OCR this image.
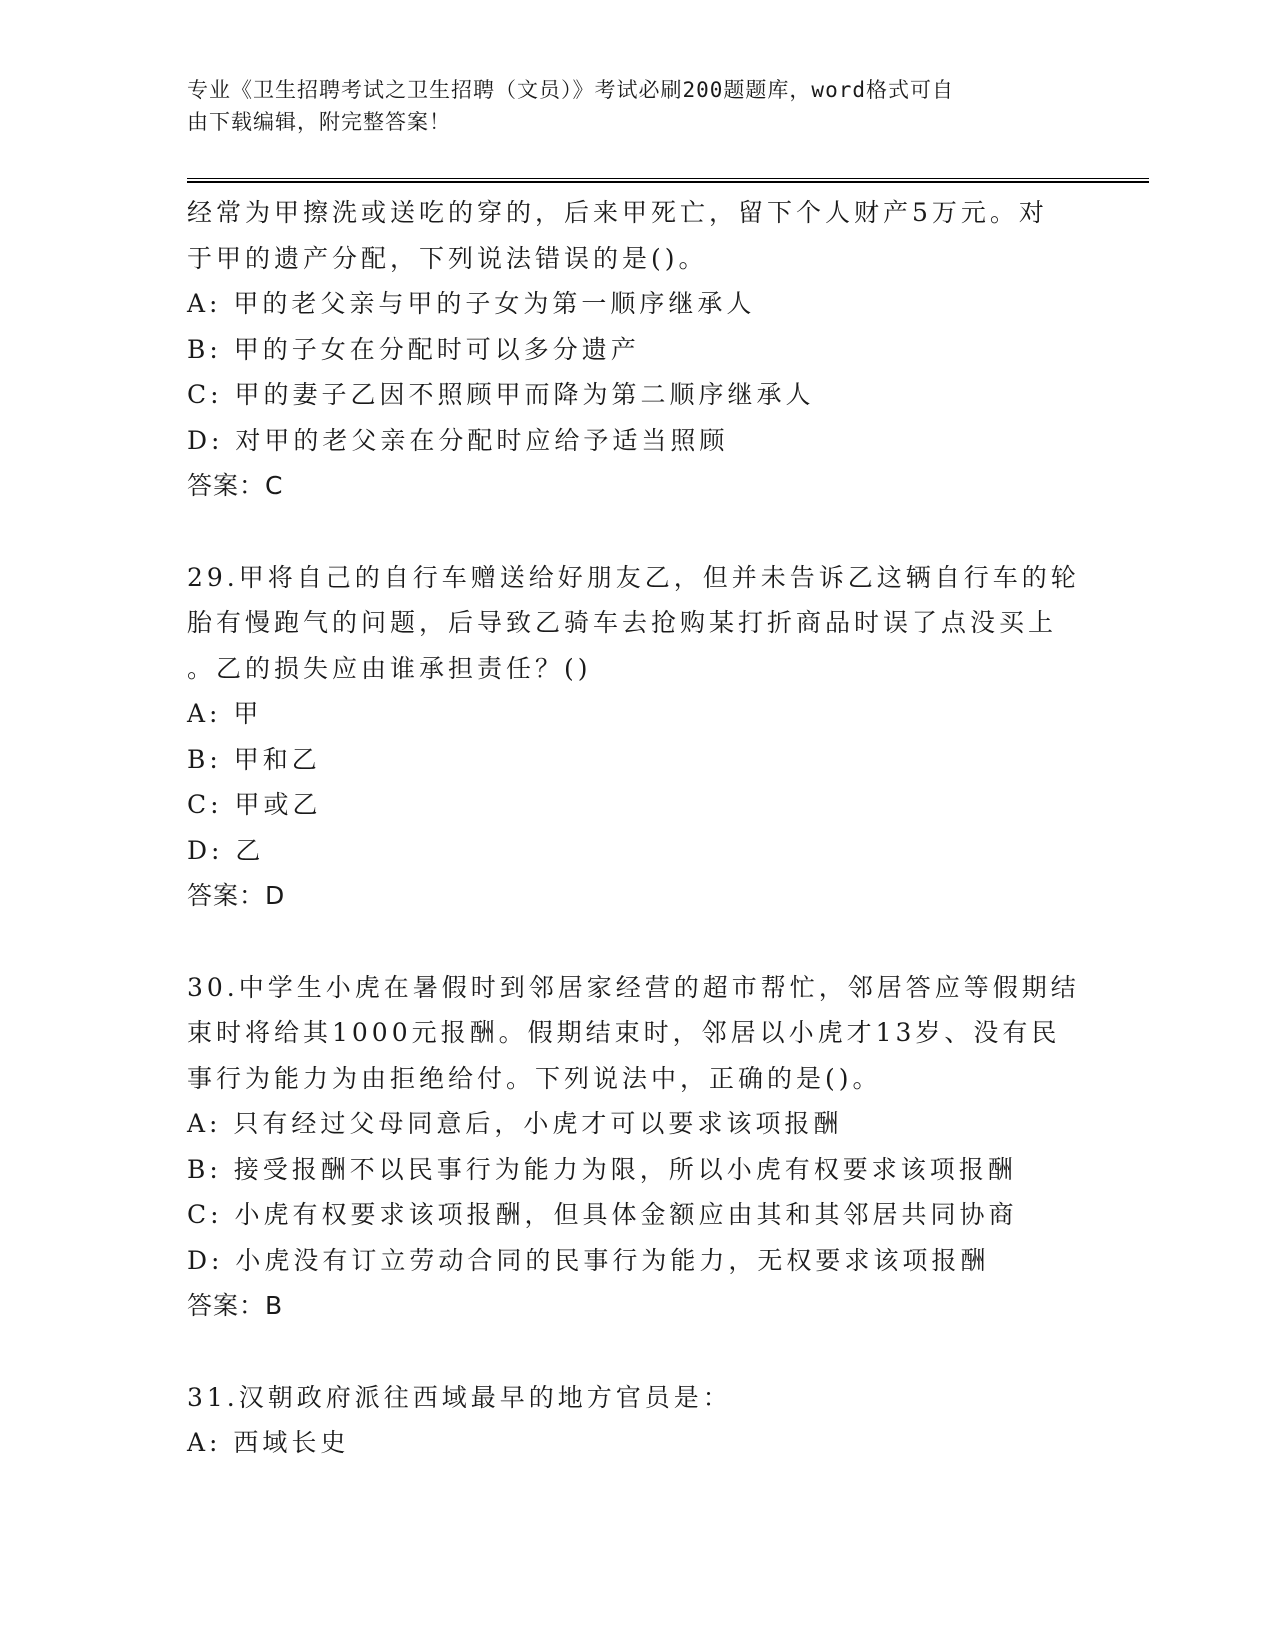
专业《卫生招聘考试之卫生招聘（文员）》考试必刷200题题库，word格式可自
由下载编辑，附完整答案！
经常为甲擦洗或送吃的穿的，后来甲死亡，留下个人财产5万元。对
于甲的遗产分配，下列说法错误的是()。
A: 甲的老父亲与甲的子女为第一顺序继承人
B: 甲的子女在分配时可以多分遗产
C: 甲的妻子乙因不照顾甲而降为第二顺序继承人
D: 对甲的老父亲在分配时应给予适当照顾
答案：C
29.甲将自己的自行车赠送给好朋友乙，但并未告诉乙这辆自行车的轮
胎有慢跑气的问题，后导致乙骑车去抢购某打折商品时误了点没买上
。乙的损失应由谁承担责任？()
A: 甲
B: 甲和乙
C: 甲或乙
D: 乙
答案：D
30.中学生小虎在暑假时到邻居家经营的超市帮忙，邻居答应等假期结
束时将给其1000元报酬。假期结束时，邻居以小虎才13岁、没有民
事行为能力为由拒绝给付。下列说法中，正确的是()。
A: 只有经过父母同意后，小虎才可以要求该项报酬
B: 接受报酬不以民事行为能力为限，所以小虎有权要求该项报酬
C: 小虎有权要求该项报酬，但具体金额应由其和其邻居共同协商
D: 小虎没有订立劳动合同的民事行为能力，无权要求该项报酬
答案：B
31.汉朝政府派往西域最早的地方官员是：
A: 西域长史
